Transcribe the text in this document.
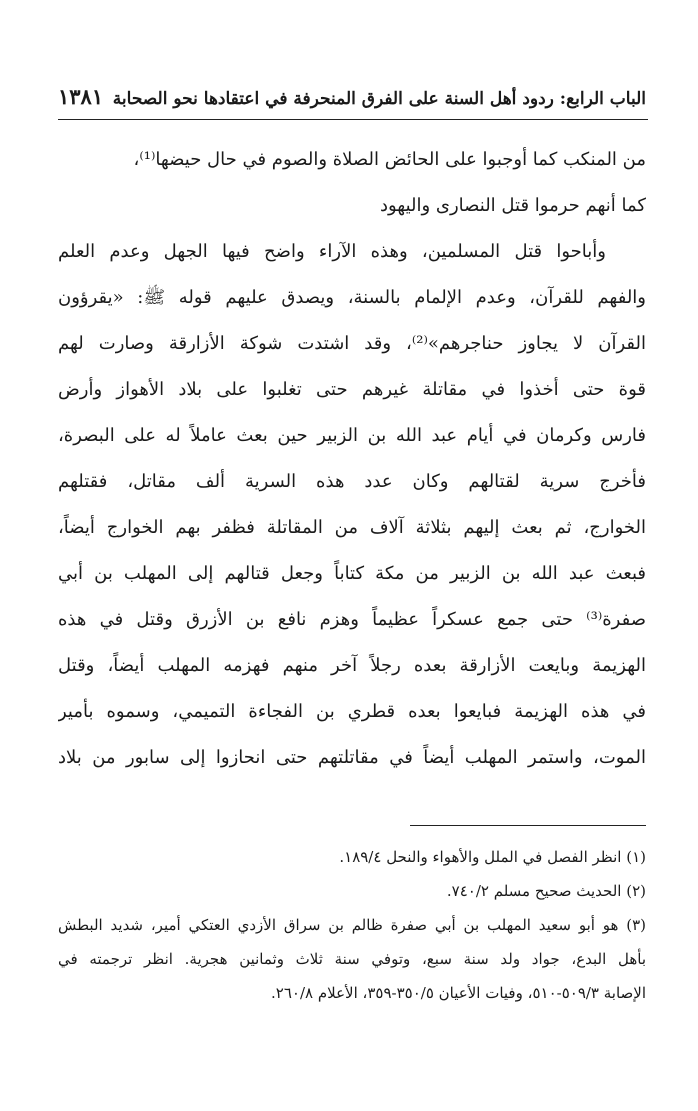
الباب الرابع: ردود أهل السنة على الفرق المنحرفة في اعتقادها نحو الصحابة
١٣٨١
من المنكب كما أوجبوا على الحائض الصلاة والصوم في حال حيضها⁽¹⁾،
كما أنهم حرموا قتل النصارى واليهود
وأباحوا قتل المسلمين، وهذه الآراء واضح فيها الجهل وعدم العلم
والفهم للقرآن، وعدم الإلمام بالسنة، ويصدق عليهم قوله ﷺ: «يقرؤون
القرآن لا يجاوز حناجرهم»⁽²⁾، وقد اشتدت شوكة الأزارقة وصارت لهم
قوة حتى أخذوا في مقاتلة غيرهم حتى تغلبوا على بلاد الأهواز وأرض
فارس وكرمان في أيام عبد الله بن الزبير حين بعث عاملاً له على البصرة،
فأخرج سرية لقتالهم وكان عدد هذه السرية ألف مقاتل، فقتلهم
الخوارج، ثم بعث إليهم بثلاثة آلاف من المقاتلة فظفر بهم الخوارج أيضاً،
فبعث عبد الله بن الزبير من مكة كتاباً وجعل قتالهم إلى المهلب بن أبي
صفرة⁽³⁾ حتى جمع عسكراً عظيماً وهزم نافع بن الأزرق وقتل في هذه
الهزيمة وبايعت الأزارقة بعده رجلاً آخر منهم فهزمه المهلب أيضاً، وقتل
في هذه الهزيمة فبايعوا بعده قطري بن الفجاءة التميمي، وسموه بأمير
الموت، واستمر المهلب أيضاً في مقاتلتهم حتى انحازوا إلى سابور من بلاد
(١) انظر الفصل في الملل والأهواء والنحل ١٨٩/٤.
(٢) الحديث صحيح مسلم ٧٤٠/٢.
(٣) هو أبو سعيد المهلب بن أبي صفرة ظالم بن سراق الأزدي العتكي أمير، شديد البطش
بأهل البدع، جواد ولد سنة سبع، وتوفي سنة ثلاث وثمانين هجرية. انظر ترجمته في
الإصابة ٥٠٩/٣-٥١٠، وفيات الأعيان ٣٥٠/٥-٣٥٩، الأعلام ٢٦٠/٨.
